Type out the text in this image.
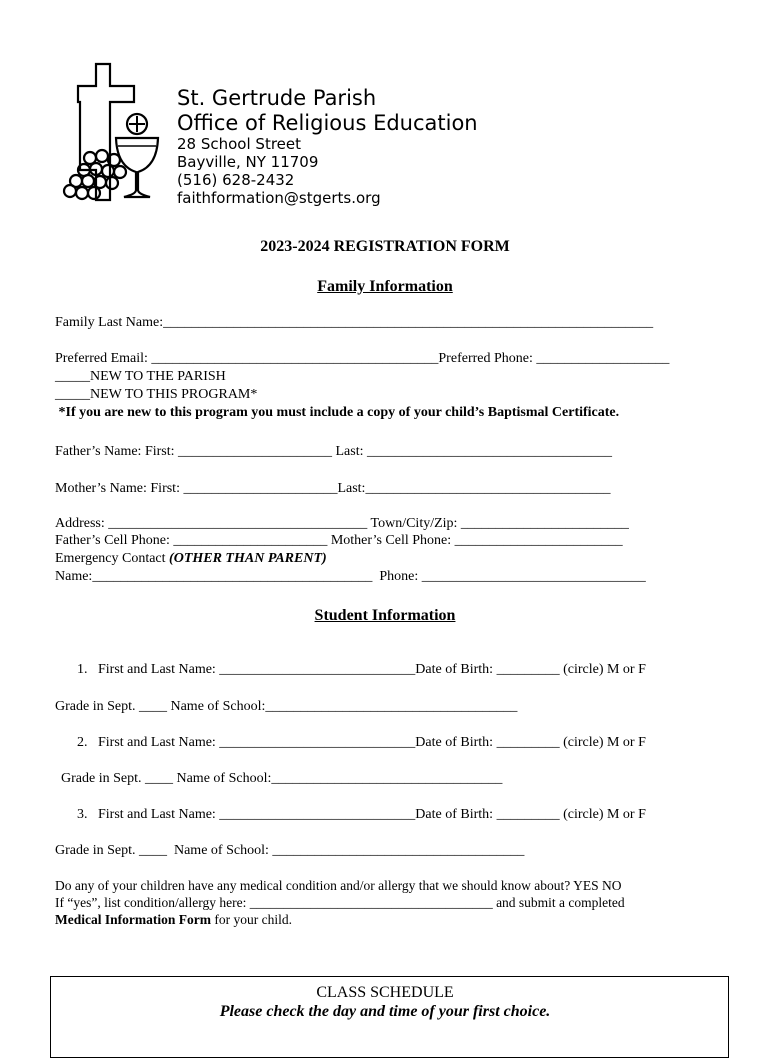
St. Gertrude Parish
Office of Religious Education
28 School Street
Bayville, NY 11709
(516) 628-2432
faithformation@stgerts.org
2023-2024 REGISTRATION FORM
Family Information
Family Last Name:______________________________________________________________________
Preferred Email: _________________________________________Preferred Phone: ___________________
_____NEW TO THE PARISH
_____NEW TO THIS PROGRAM*
*If you are new to this program you must include a copy of your child’s Baptismal Certificate.
Father’s Name: First: ______________________ Last: ___________________________________
Mother’s Name: First: ______________________Last:___________________________________
Address: _____________________________________ Town/City/Zip: ________________________
Father’s Cell Phone: ______________________ Mother’s Cell Phone: ________________________
Emergency Contact (OTHER THAN PARENT)
Name:________________________________________  Phone: ________________________________
Student Information
1.   First and Last Name: ____________________________Date of Birth: _________ (circle) M or F
Grade in Sept. ____ Name of School:____________________________________
2.   First and Last Name: ____________________________Date of Birth: _________ (circle) M or F
Grade in Sept. ____ Name of School:_________________________________
3.   First and Last Name: ____________________________Date of Birth: _________ (circle) M or F
Grade in Sept. ____  Name of School: ____________________________________
Do any of your children have any medical condition and/or allergy that we should know about? YES NO
If “yes”, list condition/allergy here: ____________________________________ and submit a completed
Medical Information Form for your child.
CLASS SCHEDULE
Please check the day and time of your first choice.
